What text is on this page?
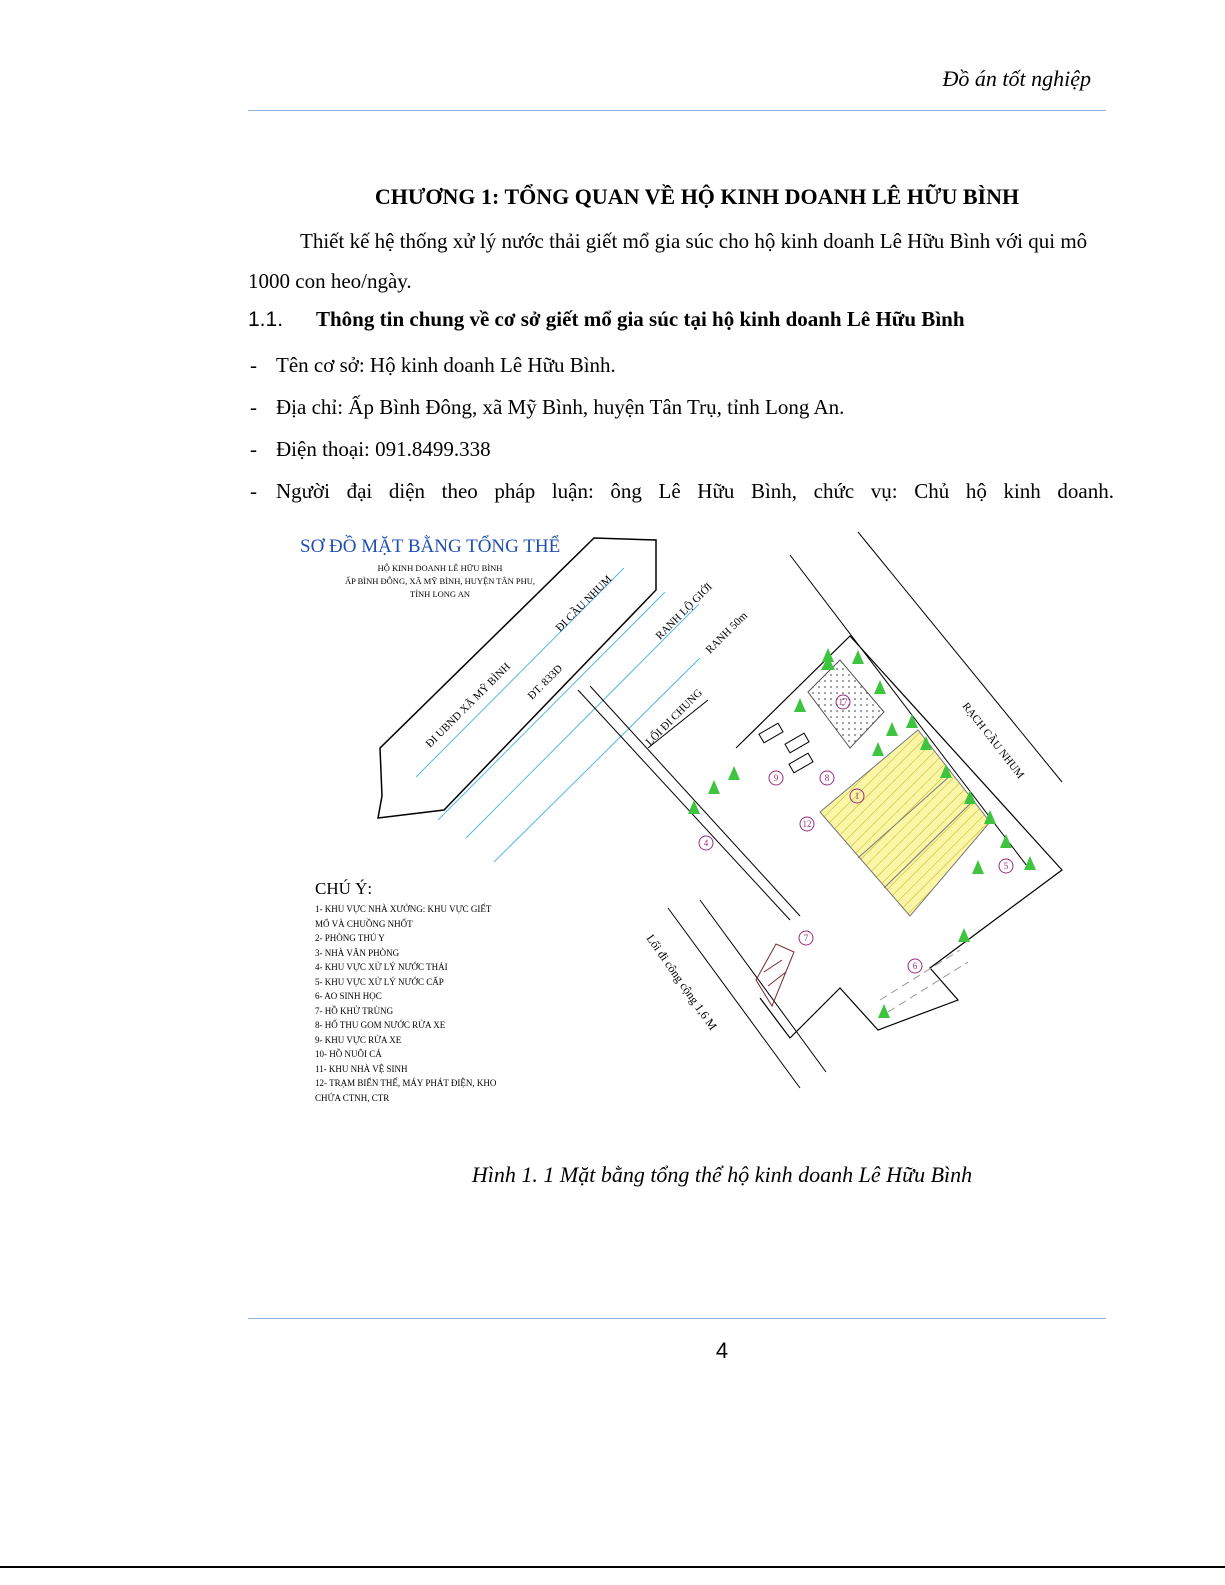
Đồ án tốt nghiệp
CHƯƠNG 1: TỔNG QUAN VỀ HỘ KINH DOANH LÊ HỮU BÌNH
Thiết kế hệ thống xử lý nước thải giết mổ gia súc cho hộ kinh doanh Lê Hữu Bình với qui mô 1000 con heo/ngày.
1.1. Thông tin chung về cơ sở giết mổ gia súc tại hộ kinh doanh Lê Hữu Bình
- Tên cơ sở: Hộ kinh doanh Lê Hữu Bình.
- Địa chỉ: Ấp Bình Đông, xã Mỹ Bình, huyện Tân Trụ, tỉnh Long An.
- Điện thoại: 091.8499.338
- Người đại diện theo pháp luận: ông Lê Hữu Bình, chức vụ: Chủ hộ kinh doanh.
1
4
5
6
7
8
9
12
17
ĐI UBND XÃ MỸ BÌNH
ĐI CẦU NHUM
ĐT. 833D
RANH LỘ GIỚI
RANH 50m
LỐI ĐI CHUNG	RẠCH CẦU NHUM
Lối đi công cộng 1,6 M
SƠ ĐỒ MẶT BẰNG TỔNG THỂ
HỘ KINH DOANH LÊ HỮU BÌNH
ẤP BÌNH ĐÔNG, XÃ MỸ BÌNH, HUYỆN TÂN PHU,
TỈNH LONG AN
CHÚ Ý:
1- KHU VỰC NHÀ XƯỞNG: KHU VỰC GIẾT
MỔ VÀ CHUỒNG NHỐT
2- PHÒNG THÚ Y
3- NHÀ VĂN PHÒNG
4- KHU VỰC XỬ LÝ NƯỚC THẢI
5- KHU VỰC XỬ LÝ NƯỚC CẤP
6- AO SINH HỌC
7- HỒ KHỬ TRÙNG
8- HỐ THU GOM NƯỚC RỬA XE
9- KHU VỰC RỬA XE
10- HỒ NUÔI CÁ
11- KHU NHÀ VỆ SINH
12- TRẠM BIẾN THẾ, MÁY PHÁT ĐIỆN, KHO
CHỨA CTNH, CTR
Hình 1. 1 Mặt bằng tổng thể hộ kinh doanh Lê Hữu Bình
4
